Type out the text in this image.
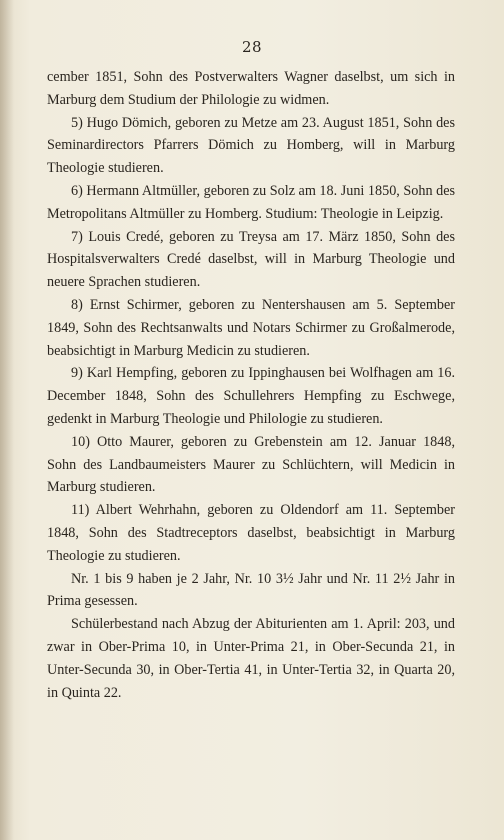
28

cember 1851, Sohn des Postverwalters Wagner daselbst, um sich in Marburg dem Studium der Philologie zu widmen.

5) Hugo Dömich, geboren zu Metze am 23. August 1851, Sohn des Seminardirectors Pfarrers Dömich zu Homberg, will in Marburg Theologie studieren.

6) Hermann Altmüller, geboren zu Solz am 18. Juni 1850, Sohn des Metropolitans Altmüller zu Homberg. Studium: Theologie in Leipzig.

7) Louis Credé, geboren zu Treysa am 17. März 1850, Sohn des Hospitalsverwalters Credé daselbst, will in Marburg Theologie und neuere Sprachen studieren.

8) Ernst Schirmer, geboren zu Nentershausen am 5. September 1849, Sohn des Rechtsanwalts und Notars Schirmer zu Großalmerode, beabsichtigt in Marburg Medicin zu studieren.

9) Karl Hempfing, geboren zu Ippinghausen bei Wolfhagen am 16. December 1848, Sohn des Schullehrers Hempfing zu Eschwege, gedenkt in Marburg Theologie und Philologie zu studieren.

10) Otto Maurer, geboren zu Grebenstein am 12. Januar 1848, Sohn des Landbaumeisters Maurer zu Schlüchtern, will Medicin in Marburg studieren.

11) Albert Wehrhahn, geboren zu Oldendorf am 11. September 1848, Sohn des Stadtreceptors daselbst, beabsichtigt in Marburg Theologie zu studieren.

Nr. 1 bis 9 haben je 2 Jahr, Nr. 10 3½ Jahr und Nr. 11 2½ Jahr in Prima gesessen.

Schülerbestand nach Abzug der Abiturienten am 1. April: 203, und zwar in Ober-Prima 10, in Unter-Prima 21, in Ober-Secunda 21, in Unter-Secunda 30, in Ober-Tertia 41, in Unter-Tertia 32, in Quarta 20, in Quinta 22.
